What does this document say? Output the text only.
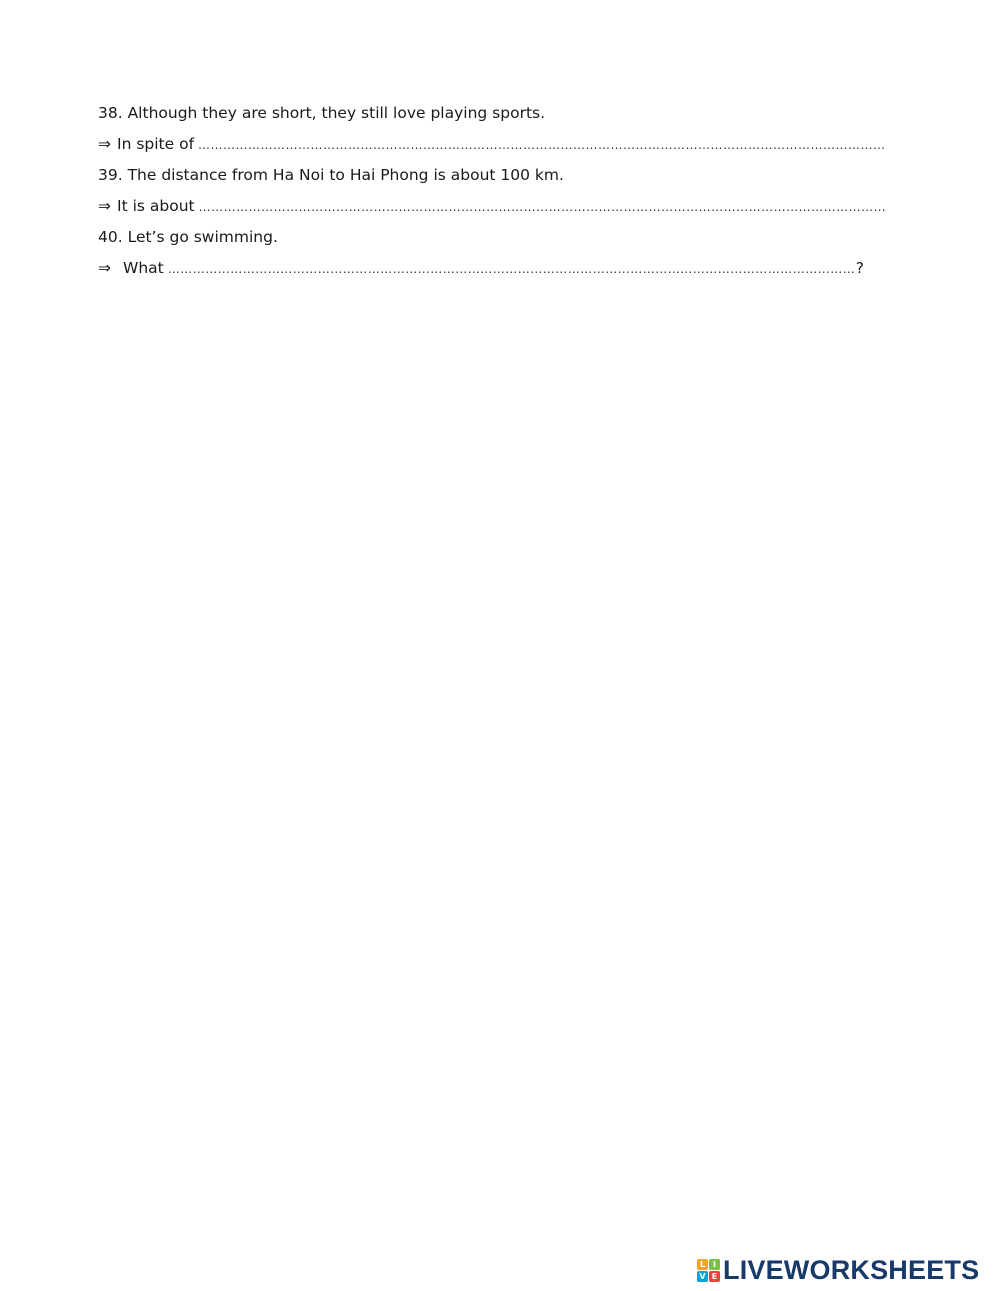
38. Although they are short, they still love playing sports.
⇒ In spite of
………………………………………………………………………………………………………………………………………………………………………………………………………………………………
39. The distance from Ha Noi to Hai Phong is about 100 km.
⇒ It is about
………………………………………………………………………………………………………………………………………………………………………………………………………………………………
40. Let’s go swimming.
⇒ What
………………………………………………………………………………………………………………………………………………………………………………………………………………………………	?
L I
V E LIVEWORKSHEETS
